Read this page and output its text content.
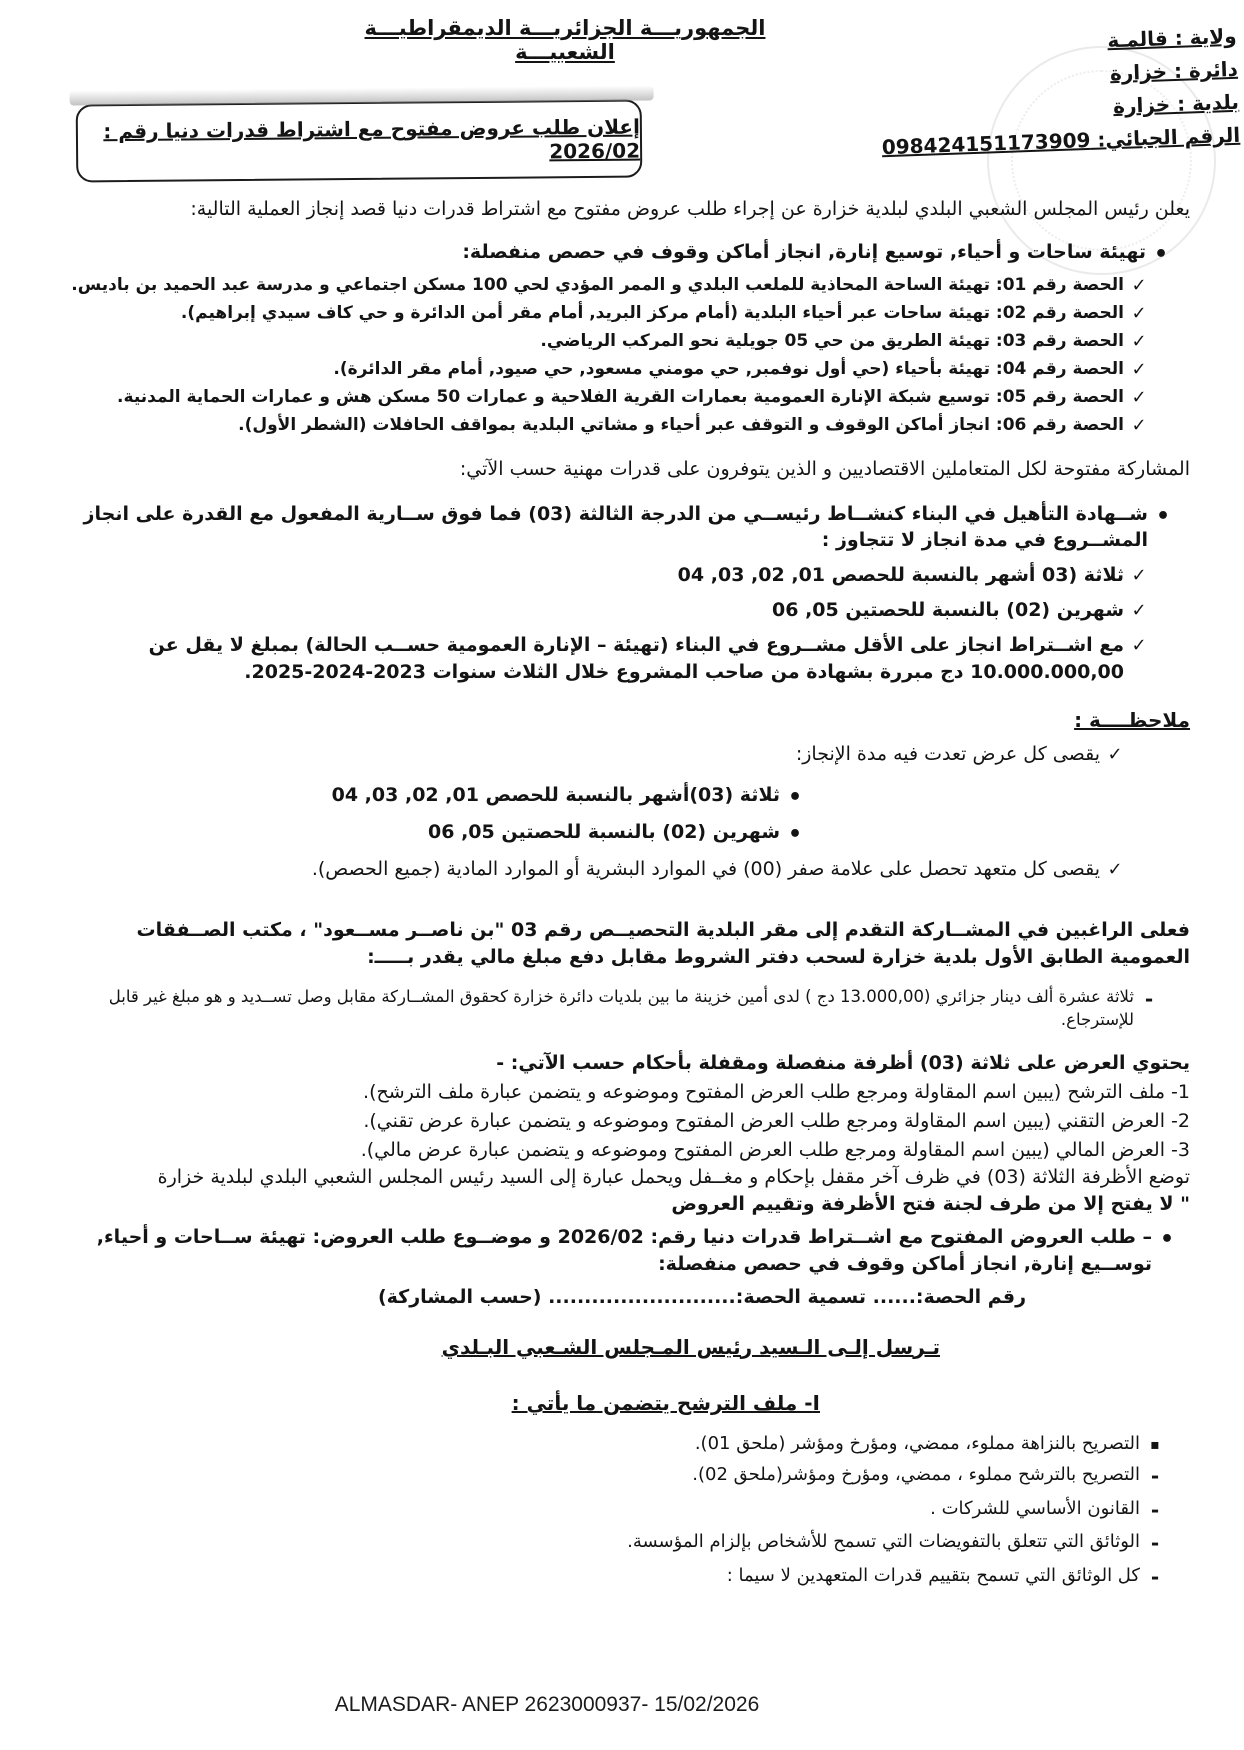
الجمهوريـــة الجزائريـــة الديمقراطيـــة الشعبيـــة	ولاية : قالمـة
دائرة : خزارة
بلدية : خزارة
الرقم الجبائي: 098424151173909
إعلان طلب عروض مفتوح مع اشتراط قدرات دنيا رقم : 2026/02
يعلن رئيس المجلس الشعبي البلدي لبلدية خزارة عن إجراء طلب عروض مفتوح مع اشتراط قدرات دنيا قصد إنجاز العملية التالية:
•
تهيئة ساحات و أحياء, توسيع إنارة, انجاز أماكن وقوف في حصص منفصلة:
✓
الحصة رقم 01: تهيئة الساحة المحاذية للملعب البلدي و الممر المؤدي لحي 100 مسكن اجتماعي و مدرسة عبد الحميد بن باديس.
✓
الحصة رقم 02: تهيئة ساحات عبر أحياء البلدية (أمام مركز البريد, أمام مقر أمن الدائرة و حي كاف سيدي إبراهيم).
✓
الحصة رقم 03: تهيئة الطريق من حي 05 جويلية نحو المركب الرياضي.
✓
الحصة رقم 04: تهيئة بأحياء (حي أول نوفمبر, حي مومني مسعود, حي صيود, أمام مقر الدائرة).
✓
الحصة رقم 05: توسيع شبكة الإنارة العمومية بعمارات القرية الفلاحية و عمارات 50 مسكن هش و عمارات الحماية المدنية.
✓
الحصة رقم 06: انجاز أماكن الوقوف و التوقف عبر أحياء و مشاتي البلدية بمواقف الحافلات (الشطر الأول).
المشاركة مفتوحة لكل المتعاملين الاقتصاديين و الذين يتوفرون على قدرات مهنية حسب الآتي:
•
شــهادة التأهيل في البناء كنشــاط رئيســي من الدرجة الثالثة (03) فما فوق ســارية المفعول مع القدرة على انجاز المشــروع في مدة انجاز لا تتجاوز :
✓
ثلاثة (03 أشهر بالنسبة للحصص 01, 02, 03, 04
✓
شهرين (02) بالنسبة للحصتين 05, 06
✓
مع اشــتراط انجاز على الأقل مشــروع في البناء (تهيئة – الإنارة العمومية حســب الحالة) بمبلغ لا يقل عن 10.000.000,00 دج مبررة بشهادة من صاحب المشروع خلال الثلاث سنوات 2023-2024-2025.
ملاحظــــة :
✓
يقصى كل عرض تعدت فيه مدة الإنجاز:
•
ثلاثة (03)أشهر بالنسبة للحصص 01, 02, 03, 04
•
شهرين (02) بالنسبة للحصتين 05, 06
✓
يقصى كل متعهد تحصل على علامة صفر (00) في الموارد البشرية أو الموارد المادية (جميع الحصص).
فعلى الراغبين في المشــاركة التقدم إلى مقر البلدية التحصيــص رقم 03 "بن ناصــر مســعود" ، مكتب الصــفقات العمومية الطابق الأول بلدية خزارة لسحب دفتر الشروط مقابل دفع مبلغ مالي يقدر بـــــ:
-
ثلاثة عشرة ألف دينار جزائري (13.000,00 دج ) لدى أمين خزينة ما بين بلديات دائرة خزارة كحقوق المشــاركة مقابل وصل تســديد و هو مبلغ غير قابل للإسترجاع.
يحتوي العرض على ثلاثة (03) أظرفة منفصلة ومقفلة بأحكام حسب الآتي: -
1- ملف الترشح (يبين اسم المقاولة ومرجع طلب العرض المفتوح وموضوعه و يتضمن عبارة ملف الترشح).
2- العرض التقني (يبين اسم المقاولة ومرجع طلب العرض المفتوح وموضوعه و يتضمن عبارة عرض تقني).
3- العرض المالي (يبين اسم المقاولة ومرجع طلب العرض المفتوح وموضوعه و يتضمن عبارة عرض مالي).
توضع الأظرفة الثلاثة (03) في ظرف آخر مقفل بإحكام و مغــفل ويحمل عبارة إلى السيد رئيس المجلس الشعبي البلدي لبلدية خزارة
" لا يفتح إلا من طرف لجنة فتح الأظرفة وتقييم العروض
•
– طلب العروض المفتوح مع اشــتراط قدرات دنيا رقم: 2026/02 و موضــوع طلب العروض: تهيئة ســاحات و أحياء, توســيع إنارة, انجاز أماكن وقوف في حصص منفصلة:
رقم الحصة:...... تسمية الحصة:.......................... (حسب المشاركة)
تـرسل إلـى الـسيد رئيس المـجلس الشـعبي البـلدي
I- ملف الترشح يتضمن ما يأتي :
▪
التصريح بالنزاهة مملوء، ممضي، ومؤرخ ومؤشر (ملحق 01).
-
التصريح بالترشح مملوء ، ممضي، ومؤرخ ومؤشر(ملحق 02).
-
القانون الأساسي للشركات .
-
الوثائق التي تتعلق بالتفويضات التي تسمح للأشخاص بإلزام المؤسسة.
-
كل الوثائق التي تسمح بتقييم قدرات المتعهدين لا سيما :
ALMASDAR- ANEP 2623000937- 15/02/2026
